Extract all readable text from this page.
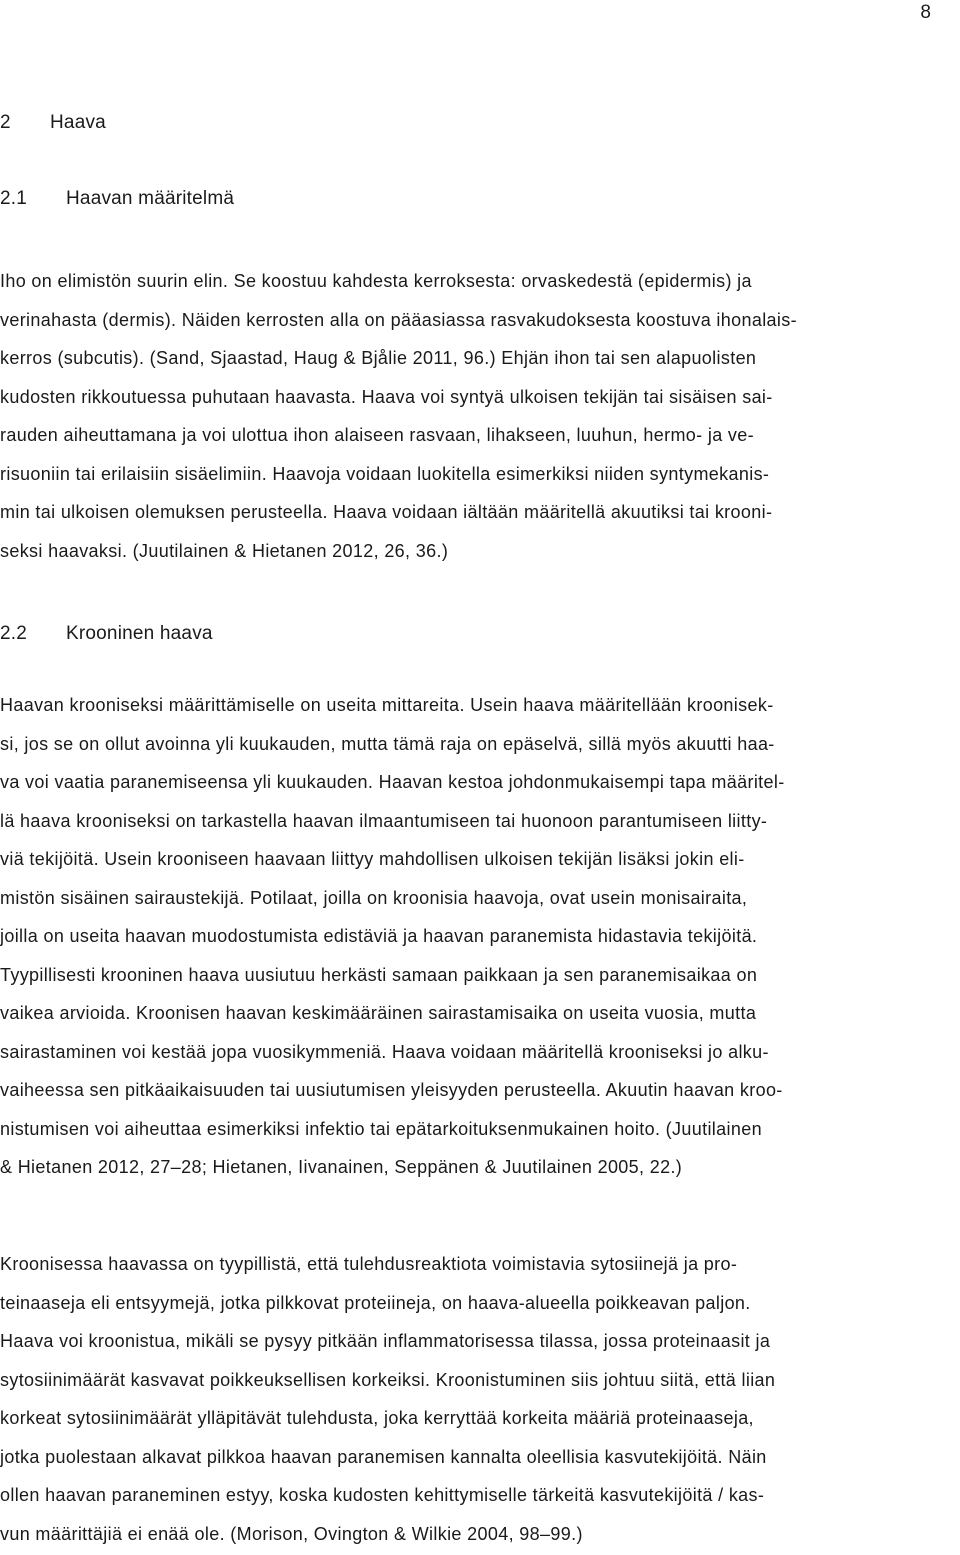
8
2 Haava
2.1 Haavan määritelmä
Iho on elimistön suurin elin. Se koostuu kahdesta kerroksesta: orvaskedestä (epidermis) ja
verinahasta (dermis). Näiden kerrosten alla on pääasiassa rasvakudoksesta koostuva ihonalais-
kerros (subcutis). (Sand, Sjaastad, Haug & Bjålie 2011, 96.) Ehjän ihon tai sen alapuolisten
kudosten rikkoutuessa puhutaan haavasta. Haava voi syntyä ulkoisen tekijän tai sisäisen sai-
rauden aiheuttamana ja voi ulottua ihon alaiseen rasvaan, lihakseen, luuhun, hermo- ja ve-
risuoniin tai erilaisiin sisäelimiin. Haavoja voidaan luokitella esimerkiksi niiden syntymekanis-
min tai ulkoisen olemuksen perusteella. Haava voidaan iältään määritellä akuutiksi tai krooni-
seksi haavaksi. (Juutilainen & Hietanen 2012, 26, 36.)
2.2 Krooninen haava
Haavan krooniseksi määrittämiselle on useita mittareita. Usein haava määritellään kroonisek-
si, jos se on ollut avoinna yli kuukauden, mutta tämä raja on epäselvä, sillä myös akuutti haa-
va voi vaatia paranemiseensa yli kuukauden. Haavan kestoa johdonmukaisempi tapa määritel-
lä haava krooniseksi on tarkastella haavan ilmaantumiseen tai huonoon parantumiseen liitty-
viä tekijöitä. Usein krooniseen haavaan liittyy mahdollisen ulkoisen tekijän lisäksi jokin eli-
mistön sisäinen sairaustekijä. Potilaat, joilla on kroonisia haavoja, ovat usein monisairaita,
joilla on useita haavan muodostumista edistäviä ja haavan paranemista hidastavia tekijöitä.
Tyypillisesti krooninen haava uusiutuu herkästi samaan paikkaan ja sen paranemisaikaa on
vaikea arvioida. Kroonisen haavan keskimääräinen sairastamisaika on useita vuosia, mutta
sairastaminen voi kestää jopa vuosikymmeniä. Haava voidaan määritellä krooniseksi jo alku-
vaiheessa sen pitkäaikaisuuden tai uusiutumisen yleisyyden perusteella. Akuutin haavan kroo-
nistumisen voi aiheuttaa esimerkiksi infektio tai epätarkoituksenmukainen hoito. (Juutilainen
& Hietanen 2012, 27–28; Hietanen, Iivanainen, Seppänen & Juutilainen 2005, 22.)
Kroonisessa haavassa on tyypillistä, että tulehdusreaktiota voimistavia sytosiinejä ja pro-
teinaaseja eli entsyymejä, jotka pilkkovat proteiineja, on haava-alueella poikkeavan paljon.
Haava voi kroonistua, mikäli se pysyy pitkään inflammatorisessa tilassa, jossa proteinaasit ja
sytosiinimäärät kasvavat poikkeuksellisen korkeiksi. Kroonistuminen siis johtuu siitä, että liian
korkeat sytosiinimäärät ylläpitävät tulehdusta, joka kerryttää korkeita määriä proteinaaseja,
jotka puolestaan alkavat pilkkoa haavan paranemisen kannalta oleellisia kasvutekijöitä. Näin
ollen haavan paraneminen estyy, koska kudosten kehittymiselle tärkeitä kasvutekijöitä / kas-
vun määrittäjiä ei enää ole. (Morison, Ovington & Wilkie 2004, 98–99.)
